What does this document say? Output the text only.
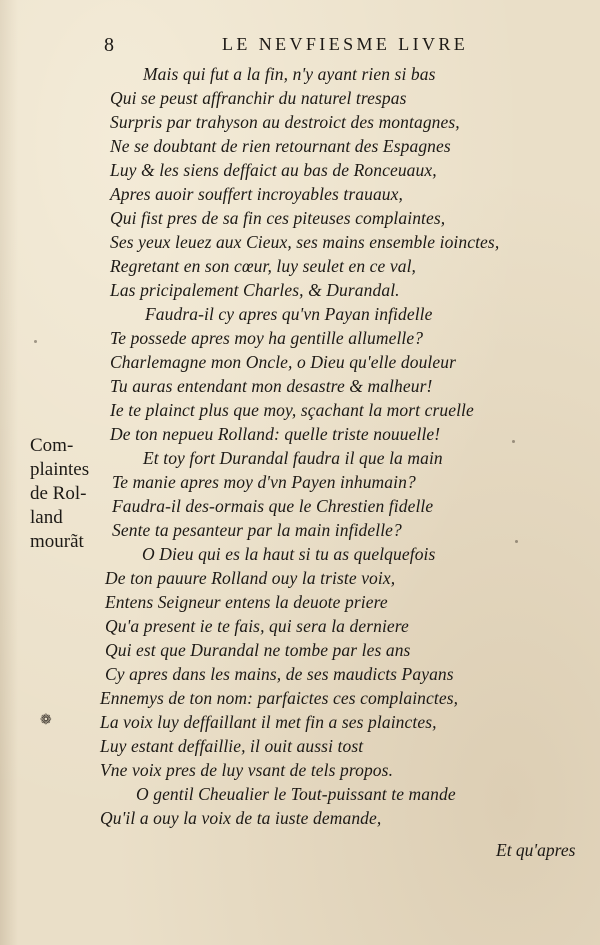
8	LE NEVFIESME LIVRE
Mais qui fut a la fin, n'y ayant rien si bas
Qui se peust affranchir du naturel trespas
Surpris par trahyson au destroict des montagnes,
Ne se doubtant de rien retournant des Espagnes
Luy & les siens deffaict au bas de Ronceuaux,
Apres auoir souffert incroyables trauaux,
Qui fist pres de sa fin ces piteuses complaintes,
Ses yeux leuez aux Cieux, ses mains ensemble ioinctes,
Regretant en son cœur, luy seulet en ce val,
Las pricipalement Charles, & Durandal.
Faudra-il cy apres qu'vn Payan infidelle
Te possede apres moy ha gentille allumelle?
Charlemagne mon Oncle, o Dieu qu'elle douleur
Tu auras entendant mon desastre & malheur!
Ie te plainct plus que moy, sçachant la mort cruelle
De ton nepueu Rolland: quelle triste nouuelle!
Et toy fort Durandal faudra il que la main
Te manie apres moy d'vn Payen inhumain?
Faudra-il des-ormais que le Chrestien fidelle
Sente ta pesanteur par la main infidelle?
O Dieu qui es la haut si tu as quelquefois
De ton pauure Rolland ouy la triste voix,
Entens Seigneur entens la deuote priere
Qu'a present ie te fais, qui sera la derniere
Qui est que Durandal ne tombe par les ans
Cy apres dans les mains, de ses maudicts Payans
Ennemys de ton nom: parfaictes ces complainctes,
La voix luy deffaillant il met fin a ses plainctes,
Luy estant deffaillie, il ouit aussi tost
Vne voix pres de luy vsant de tels propos.
O gentil Cheualier le Tout-puissant te mande
Qu'il a ouy la voix de ta iuste demande,
Com-
plaintes
de Rol-
land
mourãt
❁
Et qu'apres
